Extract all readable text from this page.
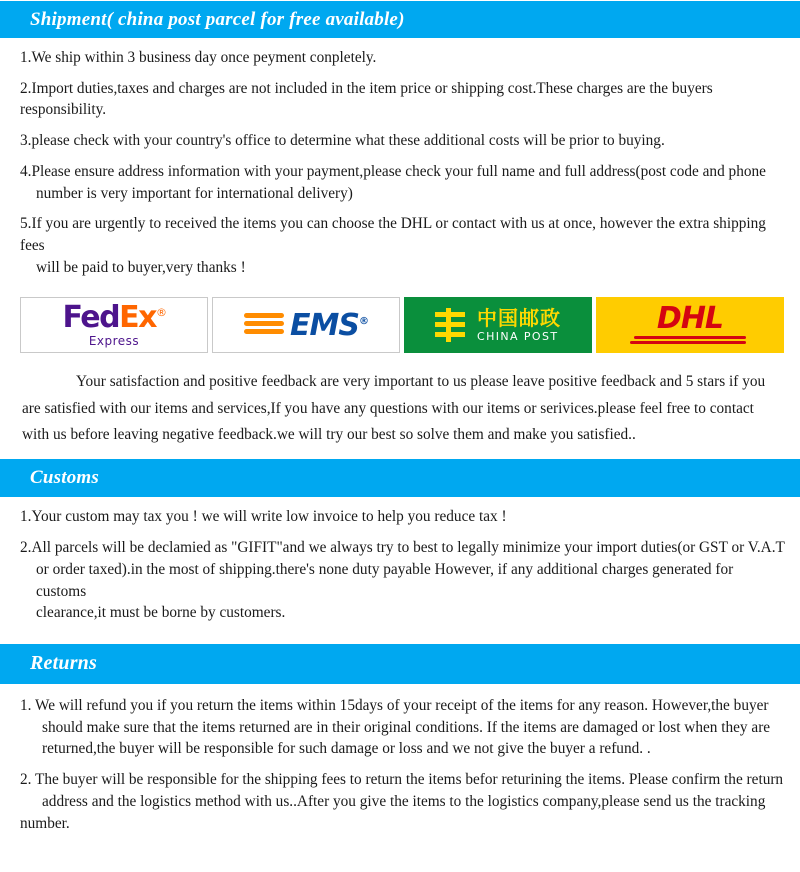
Shipment( china post parcel for free available)

1.We ship within 3 business day once peyment conpletely.

2.Import duties,taxes and charges are not included in the item price or shipping cost.These charges are the buyers responsibility.

3.please check with your country's office to determine what these additional costs will be prior to buying.

4.Please ensure address information with your payment,please check your full name and full address(post code and phone
number is very important for international delivery)

5.If you are urgently to received the items you can choose the DHL or contact with us at once, however the extra shipping fees
will be paid to buyer,very thanks !

FedEx®
Express	EMS®	中国邮政
CHINA POST
DHL
Your satisfaction and positive feedback are very important to us please leave positive feedback and 5 stars if you are satisfied with our items and services,If you have any questions with our items or serivices.please feel free to contact with us before leaving negative feedback.we will try our best so solve them and make you satisfied..
Customs

1.Your custom may tax you ! we will write low invoice to help you reduce tax !

2.All parcels will be declamied as "GIFIT"and we always try to best to legally minimize your import duties(or GST or V.A.T
or order taxed).in the most of shipping.there's none duty payable However, if any additional charges generated for customs
clearance,it must be borne by customers.

Returns

1. We will refund you if you return the items within 15days of your receipt of the items for any reason. However,the buyer
should make sure that the items returned are in their original conditions. If the items are damaged or lost when they are
returned,the buyer will be responsible for such damage or loss and we not give the buyer a refund. .

2. The buyer will be responsible for the shipping fees to return the items befor returining the items. Please confirm the return
address and the logistics method with us..After you give the items to the logistics company,please send us the tracking
number.
